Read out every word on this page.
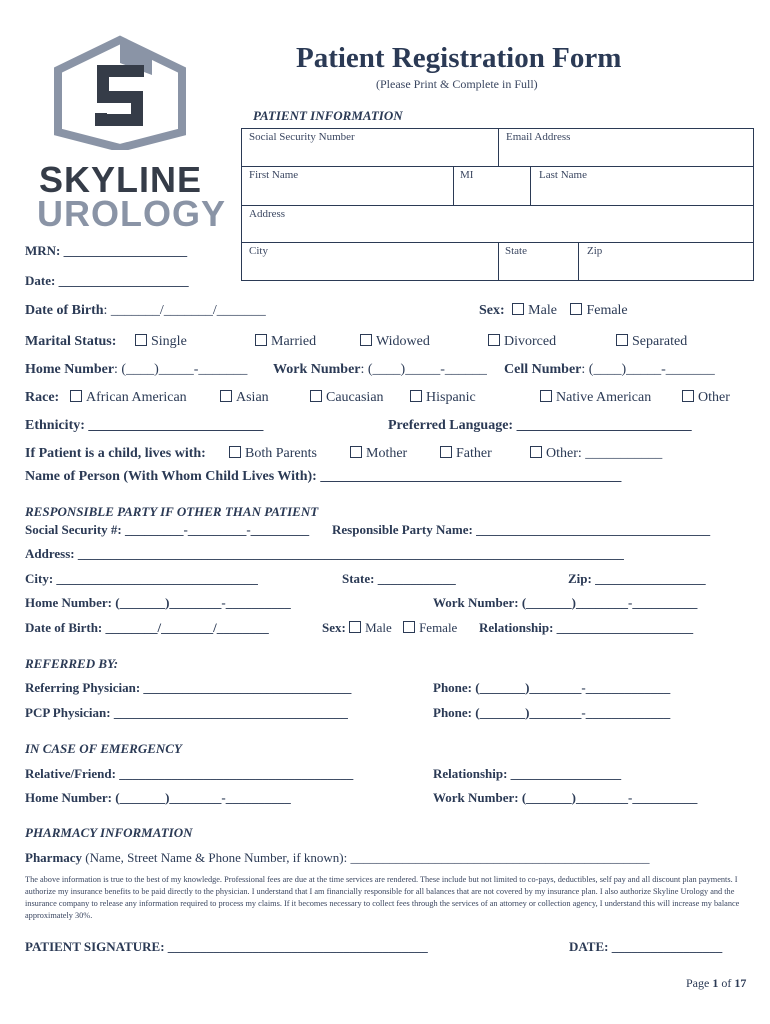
SKYLINE
UROLOGY
Patient Registration Form
(Please Print & Complete in Full)
PATIENT INFORMATION
Social Security Number	Email Address
First Name	MI	Last Name
Address
City	State	Zip
MRN: ___________________
Date: ____________________
Date of Birth: _______/_______/_______	Sex: Male Female
Marital Status:	Single	Married	Widowed	Divorced	Separated
Home Number: (____)_____-_______ Work Number: (____)_____-______ Cell Number: (____)_____-_______
Race:	African American	Asian	Caucasian	Hispanic	Native American	Other
Ethnicity: _________________________	Preferred Language: _________________________
If Patient is a child, lives with:	Both Parents	Mother	Father	Other: ___________
Name of Person (With Whom Child Lives With): ___________________________________________
RESPONSIBLE PARTY IF OTHER THAN PATIENT
Social Security #: _________-_________-_________ Responsible Party Name: ____________________________________
Address: ____________________________________________________________________________________
City: _______________________________	State: ____________	Zip: _________________
Home Number: (_______)________-__________	Work Number: (_______)________-__________
Date of Birth: ________/________/________	Sex: Male Female Relationship: _____________________
REFERRED BY:
Referring Physician: ________________________________	Phone: (_______)________-_____________
PCP Physician: ____________________________________	Phone: (_______)________-_____________
IN CASE OF EMERGENCY
Relative/Friend: ____________________________________	Relationship: _________________
Home Number: (_______)________-__________	Work Number: (_______)________-__________
PHARMACY INFORMATION
Pharmacy (Name, Street Name & Phone Number, if known): ______________________________________________
The above information is true to the best of my knowledge. Professional fees are due at the time services are rendered. These include but not limited to co-pays, deductibles, self pay and all discount plan payments. I authorize my insurance benefits to be paid directly to the physician. I understand that I am financially responsible for all balances that are not covered by my insurance plan. I also authorize Skyline Urology and the insurance company to release any information required to process my claims. If it becomes necessary to collect fees through the services of an attorney or collection agency, I understand this will increase my balance approximately 30%.
PATIENT SIGNATURE: ________________________________________	DATE: _________________
Page 1 of 17
